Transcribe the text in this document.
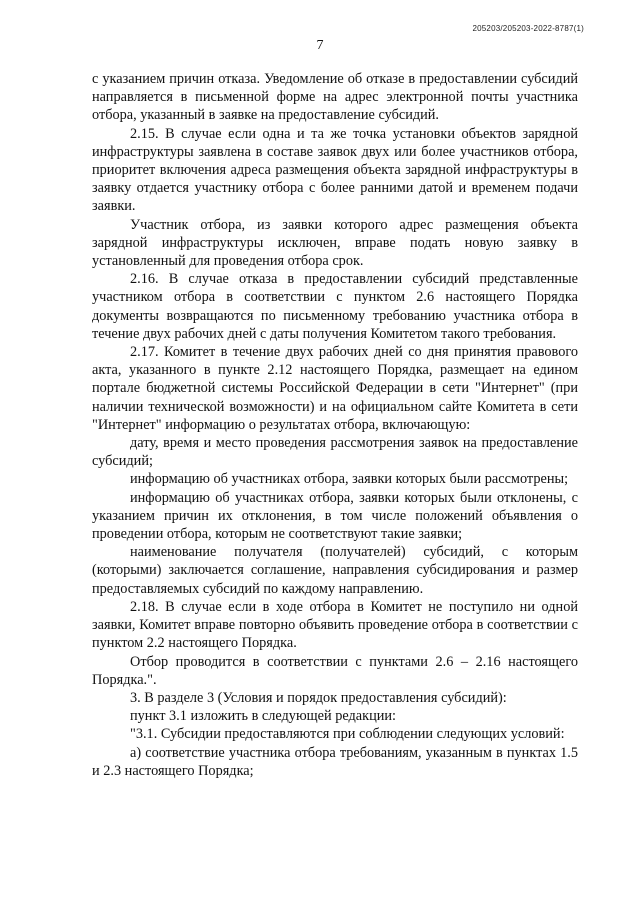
205203/205203-2022-8787(1)
7

с указанием причин отказа. Уведомление об отказе в предоставлении субсидий направляется в письменной форме на адрес электронной почты участника отбора, указанный в заявке на предоставление субсидий.

2.15. В случае если одна и та же точка установки объектов зарядной инфраструктуры заявлена в составе заявок двух или более участников отбора, приоритет включения адреса размещения объекта зарядной инфраструктуры в заявку отдается участнику отбора с более ранними датой и временем подачи заявки.

Участник отбора, из заявки которого адрес размещения объекта зарядной инфраструктуры исключен, вправе подать новую заявку в установленный для проведения отбора срок.

2.16. В случае отказа в предоставлении субсидий представленные участником отбора в соответствии с пунктом 2.6 настоящего Порядка документы возвращаются по письменному требованию участника отбора в течение двух рабочих дней с даты получения Комитетом такого требования.

2.17. Комитет в течение двух рабочих дней со дня принятия правового акта, указанного в пункте 2.12 настоящего Порядка, размещает на едином портале бюджетной системы Российской Федерации в сети "Интернет" (при наличии технической возможности) и на официальном сайте Комитета в сети "Интернет" информацию о результатах отбора, включающую:

дату, время и место проведения рассмотрения заявок на предоставление субсидий;

информацию об участниках отбора, заявки которых были рассмотрены;

информацию об участниках отбора, заявки которых были отклонены, с указанием причин их отклонения, в том числе положений объявления о проведении отбора, которым не соответствуют такие заявки;

наименование получателя (получателей) субсидий, с которым (которыми) заключается соглашение, направления субсидирования и размер предоставляемых субсидий по каждому направлению.

2.18. В случае если в ходе отбора в Комитет не поступило ни одной заявки, Комитет вправе повторно объявить проведение отбора в соответствии с пунктом 2.2 настоящего Порядка.

Отбор проводится в соответствии с пунктами 2.6 – 2.16 настоящего Порядка.".

3. В разделе 3 (Условия и порядок предоставления субсидий):

пункт 3.1 изложить в следующей редакции:

"3.1. Субсидии предоставляются при соблюдении следующих условий:

а) соответствие участника отбора требованиям, указанным в пунктах 1.5 и 2.3 настоящего Порядка;
